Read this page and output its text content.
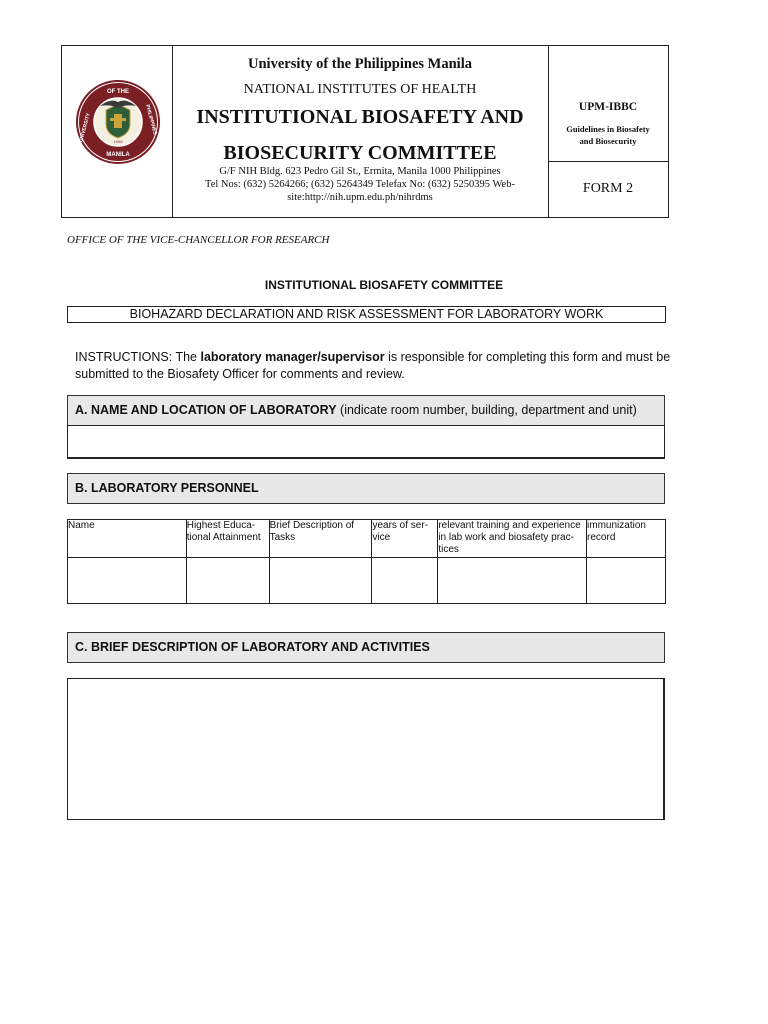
OF THE
UNIVERSITY	PHILIPPINES
MANILA
1908
University of the Philippines Manila
NATIONAL INSTITUTES OF HEALTH
INSTITUTIONAL BIOSAFETY AND
BIOSECURITY COMMITTEE
G/F NIH Bldg. 623 Pedro Gil St., Ermita, Manila 1000 Philippines
Tel Nos: (632) 5264266; (632) 5264349 Telefax No: (632) 5250395 Web-
site:http://nih.upm.edu.ph/nihrdms
UPM-IBBC
Guidelines in Biosafety
and Biosecurity
FORM 2
OFFICE OF THE VICE-CHANCELLOR FOR RESEARCH
INSTITUTIONAL BIOSAFETY COMMITTEE
BIOHAZARD DECLARATION AND RISK ASSESSMENT FOR LABORATORY WORK
INSTRUCTIONS: The laboratory manager/supervisor is responsible for completing this form and must be submitted to the Biosafety Officer for comments and review.
A. NAME AND LOCATION OF LABORATORY (indicate room number, building, department and unit)
B. LABORATORY PERSONNEL
Name	Highest Educa-tional Attainment	Brief Description of Tasks	years of ser-vice	relevant training and experience in lab work and biosafety prac-tices	immunization record

C. BRIEF DESCRIPTION OF LABORATORY AND ACTIVITIES
